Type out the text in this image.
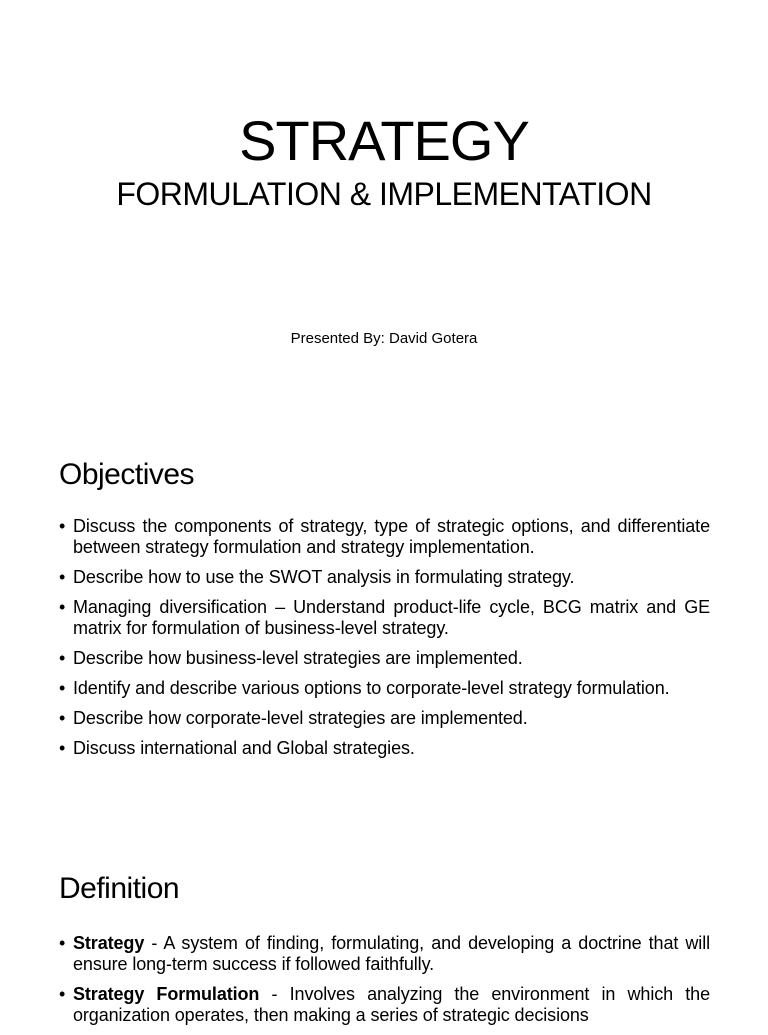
STRATEGY
FORMULATION & IMPLEMENTATION
Presented By: David Gotera
Objectives
• Discuss the components of strategy, type of strategic options, and differentiate between strategy formulation and strategy implementation.
• Describe how to use the SWOT analysis in formulating strategy.
• Managing diversification – Understand product-life cycle, BCG matrix and GE matrix for formulation of business-level strategy.
• Describe how business-level strategies are implemented.
• Identify and describe various options to corporate-level strategy formulation.
• Describe how corporate-level strategies are implemented.
• Discuss international and Global strategies.
Definition
• Strategy - A system of finding, formulating, and developing a doctrine that will ensure long-term success if followed faithfully.
• Strategy Formulation - Involves analyzing the environment in which the organization operates, then making a series of strategic decisions
